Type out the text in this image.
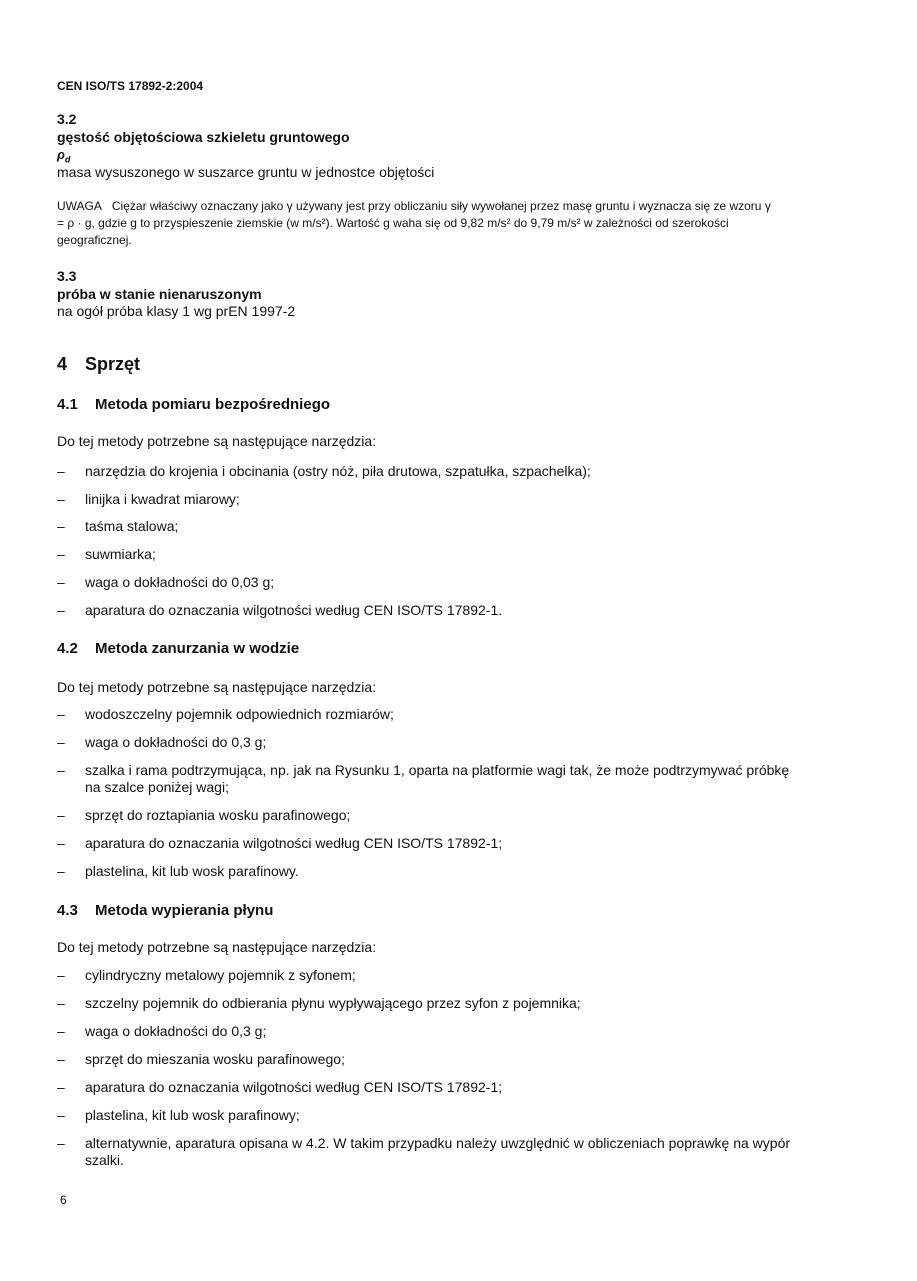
CEN ISO/TS 17892-2:2004
3.2
gęstość objętościowa szkieletu gruntowego
$\rho_d$
masa wysuszonego w suszarce gruntu w jednostce objętości
UWAGA Ciężar właściwy oznaczany jako γ używany jest przy obliczaniu siły wywołanej przez masę gruntu i wyznacza się ze wzoru γ = ρ · g, gdzie g to przyspieszenie ziemskie (w m/s²). Wartość g waha się od 9,82 m/s² do 9,79 m/s² w zależności od szerokości geograficznej.
3.3
próba w stanie nienaruszonym
na ogół próba klasy 1 wg prEN 1997-2
4 Sprzęt
4.1 Metoda pomiaru bezpośredniego
Do tej metody potrzebne są następujące narzędzia:
– narzędzia do krojenia i obcinania (ostry nóż, piła drutowa, szpatułka, szpachelka);
– linijka i kwadrat miarowy;
– taśma stalowa;
– suwmiarka;
– waga o dokładności do 0,03 g;
– aparatura do oznaczania wilgotności według CEN ISO/TS 17892-1.
4.2 Metoda zanurzania w wodzie
Do tej metody potrzebne są następujące narzędzia:
– wodoszczelny pojemnik odpowiednich rozmiarów;
– waga o dokładności do 0,3 g;
– szalka i rama podtrzymująca, np. jak na Rysunku 1, oparta na platformie wagi tak, że może podtrzymywać próbkę na szalce poniżej wagi;
– sprzęt do roztapiania wosku parafinowego;
– aparatura do oznaczania wilgotności według CEN ISO/TS 17892-1;
– plastelina, kit lub wosk parafinowy.
4.3 Metoda wypierania płynu
Do tej metody potrzebne są następujące narzędzia:
– cylindryczny metalowy pojemnik z syfonem;
– szczelny pojemnik do odbierania płynu wypływającego przez syfon z pojemnika;
– waga o dokładności do 0,3 g;
– sprzęt do mieszania wosku parafinowego;
– aparatura do oznaczania wilgotności według CEN ISO/TS 17892-1;
– plastelina, kit lub wosk parafinowy;
– alternatywnie, aparatura opisana w 4.2. W takim przypadku należy uwzględnić w obliczeniach poprawkę na wypór szalki.
6
